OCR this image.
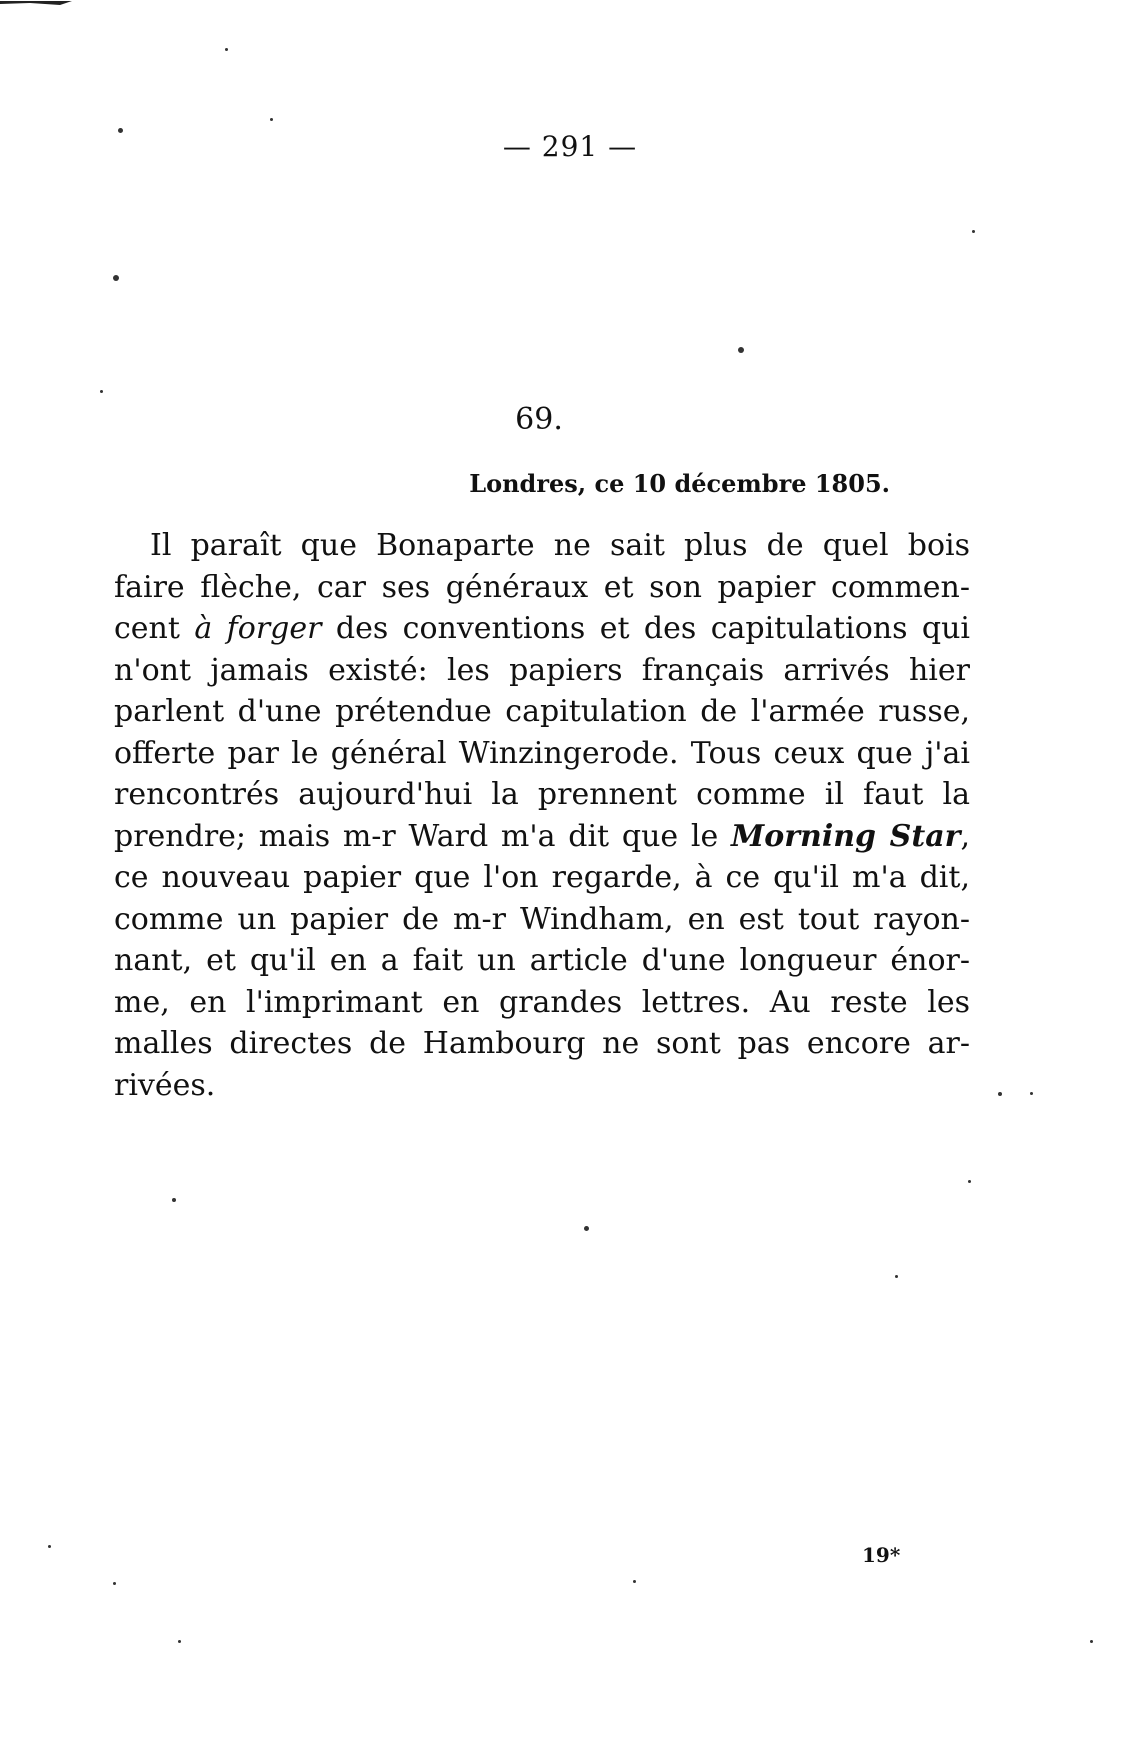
— 291 —
69.
Londres, ce 10 décembre 1805.
Il paraît que Bonaparte ne sait plus de quel bois
faire flèche, car ses généraux et son papier commen-
cent à forger des conventions et des capitulations qui
n'ont jamais existé: les papiers français arrivés hier
parlent d'une prétendue capitulation de l'armée russe,
offerte par le général Winzingerode. Tous ceux que j'ai
rencontrés aujourd'hui la prennent comme il faut la
prendre; mais m-r Ward m'a dit que le Morning Star,
ce nouveau papier que l'on regarde, à ce qu'il m'a dit,
comme un papier de m-r Windham, en est tout rayon-
nant, et qu'il en a fait un article d'une longueur énor-
me, en l'imprimant en grandes lettres. Au reste les
malles directes de Hambourg ne sont pas encore ar-
rivées.
19*
